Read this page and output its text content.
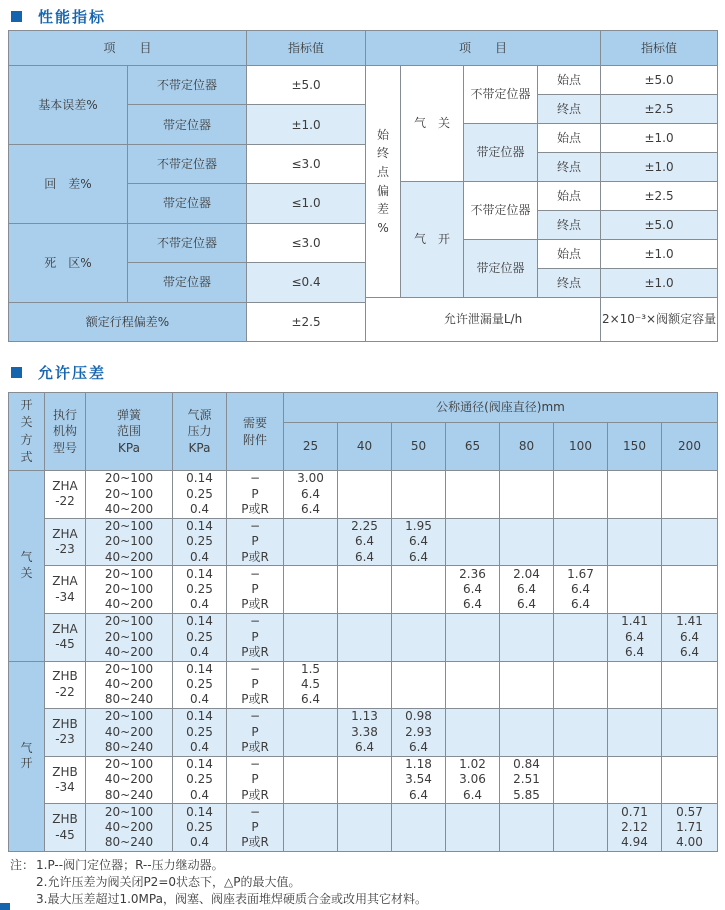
性能指标
项　　目		指标值
基本误差%	不带定位器	±5.0
	带定位器	±1.0
回　差%	不带定位器	≤3.0
	带定位器	≤1.0
死　区%	不带定位器	≤3.0
	带定位器	≤0.4
额定行程偏差%		±2.5
项　　目				指标值
始
终
点
偏
差
%	气　关	不带定位器	始点	±5.0
			终点	±2.5
		带定位器	始点	±1.0
			终点	±1.0
	气　开	不带定位器	始点	±2.5
			终点	±5.0
		带定位器	始点	±1.0
			终点	±1.0
允许泄漏量L/h				2×10⁻³×阀额定容量
允许压差
开
关
方
式	执行
机构
型号	弹簧
范围
KPa	气源
压力
KPa	需要
附件	公称通径(阀座直径)mm							
					25	40	50	65	80	100	150	200
气
关	ZHA
-22	20~100
20~100
40~200	0.14
0.25
0.4	−
P
P或R	3.00
6.4
6.4							
	ZHA
-23	20~100
20~100
40~200	0.14
0.25
0.4	−
P
P或R		2.25
6.4
6.4	1.95
6.4
6.4					
	ZHA
-34	20~100
20~100
40~200	0.14
0.25
0.4	−
P
P或R				2.36
6.4
6.4	2.04
6.4
6.4	1.67
6.4
6.4		
	ZHA
-45	20~100
20~100
40~200	0.14
0.25
0.4	−
P
P或R							1.41
6.4
6.4	1.41
6.4
6.4
气
开	ZHB
-22	20~100
40~200
80~240	0.14
0.25
0.4	−
P
P或R	1.5
4.5
6.4							
	ZHB
-23	20~100
40~200
80~240	0.14
0.25
0.4	−
P
P或R		1.13
3.38
6.4	0.98
2.93
6.4					
	ZHB
-34	20~100
40~200
80~240	0.14
0.25
0.4	−
P
P或R			1.18
3.54
6.4	1.02
3.06
6.4	0.84
2.51
5.85			
	ZHB
-45	20~100
40~200
80~240	0.14
0.25
0.4	−
P
P或R							0.71
2.12
4.94	0.57
1.71
4.00
注： 1.P--阀门定位器；R--压力继动器。
2.允许压差为阀关闭P2=0状态下，△P的最大值。
3.最大压差超过1.0MPa，阀塞、阀座表面堆焊硬质合金或改用其它材料。
